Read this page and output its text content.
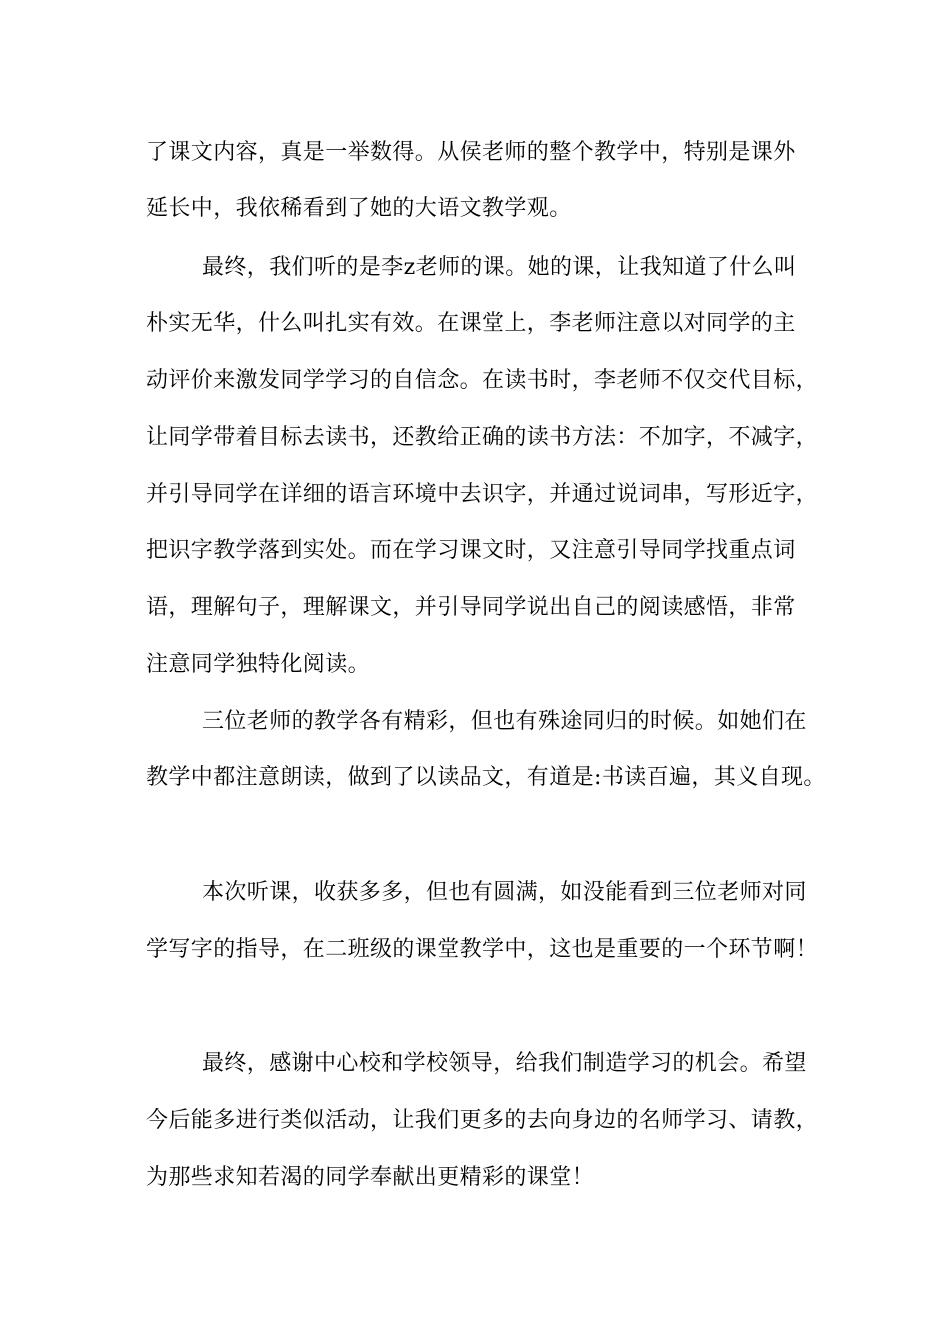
了课文内容，真是一举数得。从侯老师的整个教学中，特别是课外
延长中，我依稀看到了她的大语文教学观。
最终，我们听的是李z老师的课。她的课，让我知道了什么叫
朴实无华，什么叫扎实有效。在课堂上，李老师注意以对同学的主
动评价来激发同学学习的自信念。在读书时，李老师不仅交代目标，
让同学带着目标去读书，还教给正确的读书方法：不加字，不减字，
并引导同学在详细的语言环境中去识字，并通过说词串，写形近字，
把识字教学落到实处。而在学习课文时，又注意引导同学找重点词
语，理解句子，理解课文，并引导同学说出自己的阅读感悟，非常
注意同学独特化阅读。
三位老师的教学各有精彩，但也有殊途同归的时候。如她们在
教学中都注意朗读，做到了以读品文，有道是:书读百遍，其义自现。
本次听课，收获多多，但也有圆满，如没能看到三位老师对同
学写字的指导，在二班级的课堂教学中，这也是重要的一个环节啊！
最终，感谢中心校和学校领导，给我们制造学习的机会。希望
今后能多进行类似活动，让我们更多的去向身边的名师学习、请教，
为那些求知若渴的同学奉献出更精彩的课堂！
